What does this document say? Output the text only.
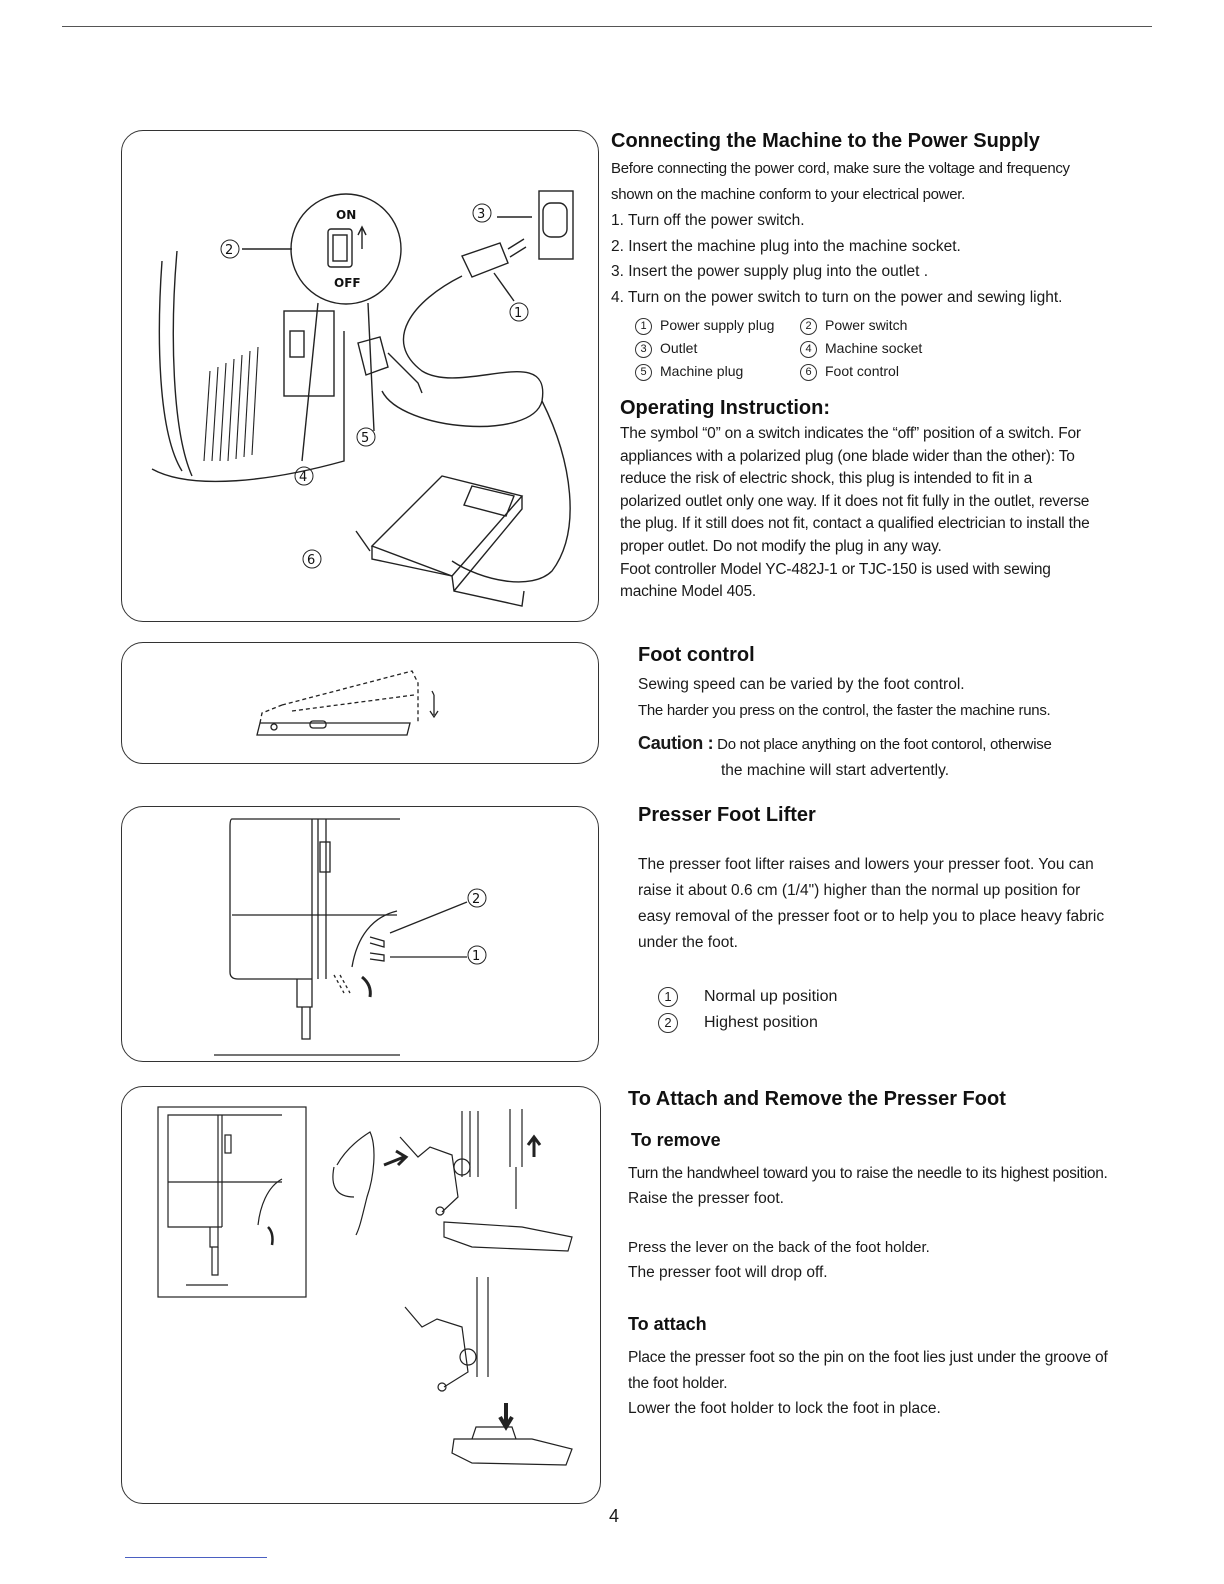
2
3
1
5
4
6
ON
OFF
Connecting the Machine to the Power Supply

Before connecting the power cord, make sure the voltage and frequency shown on the machine conform to your electrical power.

1. Turn off the power switch.
2. Insert the machine plug into the machine socket.
3. Insert the power supply plug into the outlet .
4. Turn on the power switch to turn on the power and sewing light.
1 Power supply plug	2 Power switch
3 Outlet	4 Machine socket
5 Machine plug	6 Foot control
Operating Instruction:

The symbol “0” on a switch indicates the “off” position of a switch. For appliances with a polarized plug (one blade wider than the other): To reduce the risk of electric shock, this plug is intended to fit in a polarized outlet only one way. If it does not fit fully in the outlet, reverse the plug. If it still does not fit, contact a qualified electrician to install the proper outlet. Do not modify the plug in any way.

Foot controller Model YC-482J-1 or TJC-150 is used with sewing machine Model 405.

Foot control

Sewing speed can be varied by the foot control.

The harder you press on the control, the faster the machine runs.

Caution : Do not place anything on the foot contorol, otherwise

the machine will start advertently.

2
1
Presser Foot Lifter

The presser foot lifter raises and lowers your presser foot. You can raise it about 0.6 cm (1/4") higher than the normal up position for easy removal of the presser foot or to help you to place heavy fabric under the foot.

1 Normal up position
2 Highest position
To Attach and Remove the Presser Foot
To remove

Turn the handwheel toward you to raise the needle to its highest position.

Raise the presser foot.

Press the lever on the back of the foot holder.

The presser foot will drop off.

To attach

Place the presser foot so the pin on the foot lies just under the groove of the foot holder.

Lower the foot holder to lock the foot in place.

4
